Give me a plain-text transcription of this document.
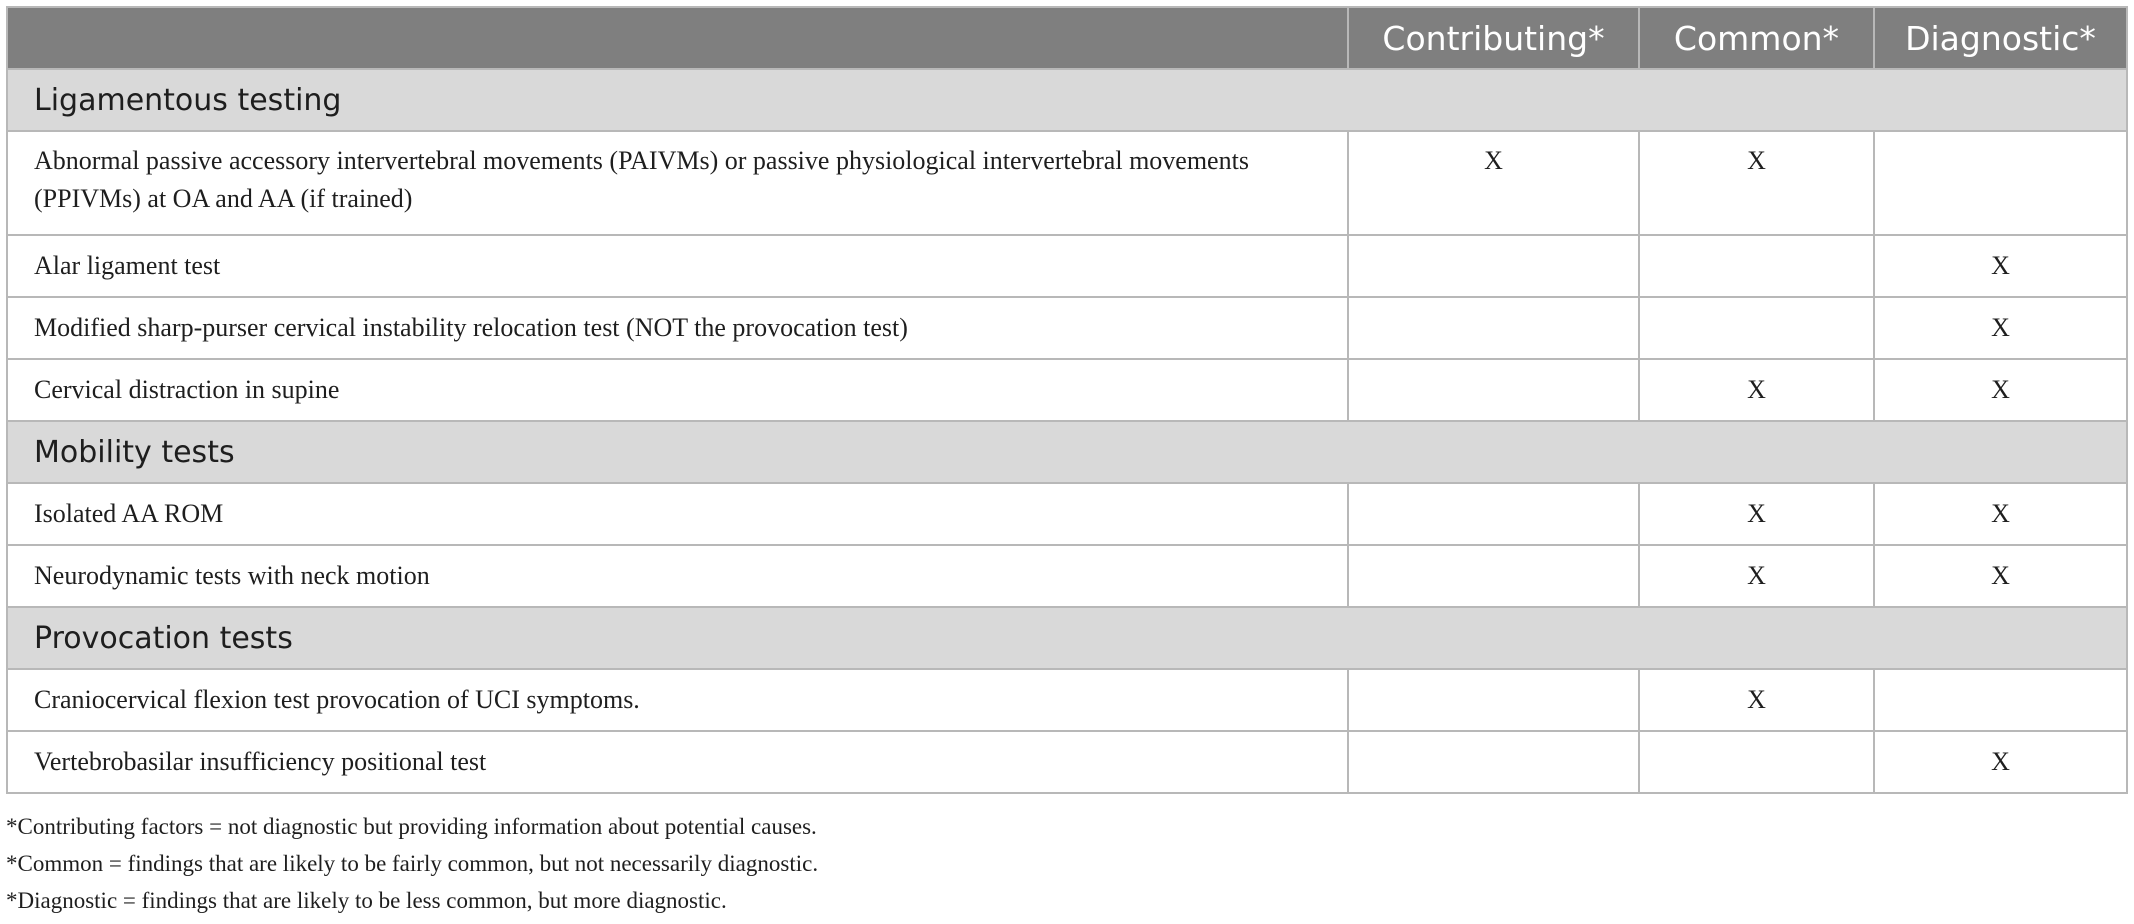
	Contributing*	Common*	Diagnostic*
Ligamentous testing			
Abnormal passive accessory intervertebral movements (PAIVMs) or passive physiological intervertebral movements (PPIVMs) at OA and AA (if trained)	X	X	
Alar ligament test			X
Modified sharp-purser cervical instability relocation test (NOT the provocation test)			X
Cervical distraction in supine		X	X
Mobility tests			
Isolated AA ROM		X	X
Neurodynamic tests with neck motion		X	X
Provocation tests			
Craniocervical flexion test provocation of UCI symptoms.		X	
Vertebrobasilar insufficiency positional test			X
*Contributing factors = not diagnostic but providing information about potential causes.
*Common = findings that are likely to be fairly common, but not necessarily diagnostic.
*Diagnostic = findings that are likely to be less common, but more diagnostic.
